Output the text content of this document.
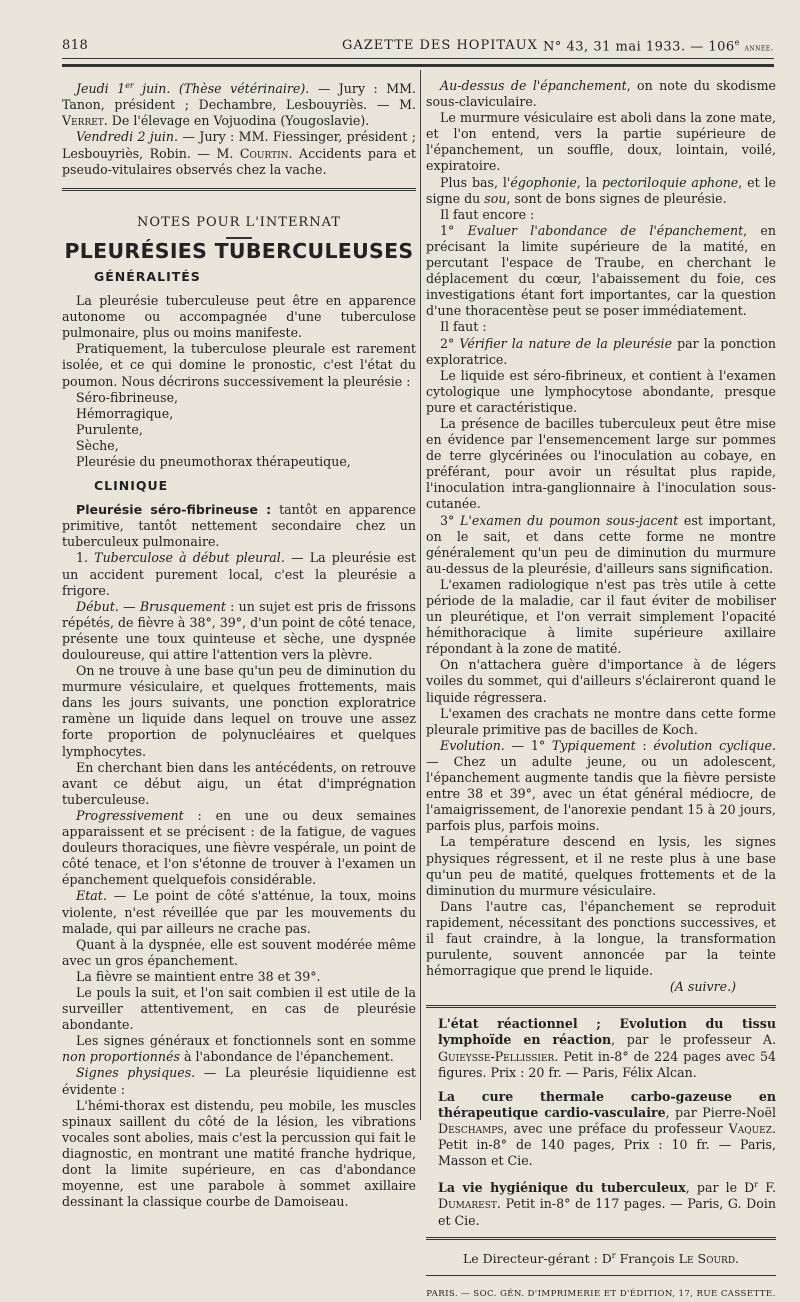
818	GAZETTE DES HOPITAUX N° 43, 31 mai 1933. — 106e année.

Jeudi 1er juin. (Thèse vétérinaire). — Jury : MM. Tanon, président ; Dechambre, Lesbouyriès. — M. Verret. De l'élevage en Vojuodina (Yougoslavie).

Vendredi 2 juin. — Jury : MM. Fiessinger, président ; Lesbouyriès, Robin. — M. Courtin. Accidents para et pseudo-vitulaires observés chez la vache.

NOTES POUR L'INTERNAT
PLEURÉSIES TUBERCULEUSES
GÉNÉRALITÉS

La pleurésie tuberculeuse peut être en apparence autonome ou accompagnée d'une tuberculose pulmonaire, plus ou moins manifeste.

Pratiquement, la tuberculose pleurale est rarement isolée, et ce qui domine le pronostic, c'est l'état du poumon. Nous décrirons successivement la pleurésie :

Séro-fibrineuse,

Hémorragique,

Purulente,

Sèche,

Pleurésie du pneumothorax thérapeutique,

CLINIQUE

Pleurésie séro-fibrineuse : tantôt en apparence primitive, tantôt nettement secondaire chez un tuberculeux pulmonaire.

1. Tuberculose à début pleural. — La pleurésie est un accident purement local, c'est la pleurésie a frigore.

Début. — Brusquement : un sujet est pris de frissons répétés, de fièvre à 38°, 39°, d'un point de côté tenace, présente une toux quinteuse et sèche, une dyspnée douloureuse, qui attire l'attention vers la plèvre.

On ne trouve à une base qu'un peu de diminution du murmure vésiculaire, et quelques frottements, mais dans les jours suivants, une ponction exploratrice ramène un liquide dans lequel on trouve une assez forte proportion de polynucléaires et quelques lymphocytes.

En cherchant bien dans les antécédents, on retrouve avant ce début aigu, un état d'imprégnation tuberculeuse.

Progressivement : en une ou deux semaines apparaissent et se précisent : de la fatigue, de vagues douleurs thoraciques, une fièvre vespérale, un point de côté tenace, et l'on s'étonne de trouver à l'examen un épanchement quelquefois considérable.

Etat. — Le point de côté s'atténue, la toux, moins violente, n'est réveillée que par les mouvements du malade, qui par ailleurs ne crache pas.

Quant à la dyspnée, elle est souvent modérée même avec un gros épanchement.

La fièvre se maintient entre 38 et 39°.

Le pouls la suit, et l'on sait combien il est utile de la surveiller attentivement, en cas de pleurésie abondante.

Les signes généraux et fonctionnels sont en somme non proportionnés à l'abondance de l'épanchement.

Signes physiques. — La pleurésie liquidienne est évidente :

L'hémi-thorax est distendu, peu mobile, les muscles spinaux saillent du côté de la lésion, les vibrations vocales sont abolies, mais c'est la percussion qui fait le diagnostic, en montrant une matité franche hydrique, dont la limite supérieure, en cas d'abondance moyenne, est une parabole à sommet axillaire dessinant la classique courbe de Damoiseau.

Au-dessus de l'épanchement, on note du skodisme sous-claviculaire.

Le murmure vésiculaire est aboli dans la zone mate, et l'on entend, vers la partie supérieure de l'épanchement, un souffle, doux, lointain, voilé, expiratoire.

Plus bas, l'égophonie, la pectoriloquie aphone, et le signe du sou, sont de bons signes de pleurésie.

Il faut encore :

1° Evaluer l'abondance de l'épanchement, en précisant la limite supérieure de la matité, en percutant l'espace de Traube, en cherchant le déplacement du cœur, l'abaissement du foie, ces investigations étant fort importantes, car la question d'une thoracentèse peut se poser immédiatement.

Il faut :

2° Vérifier la nature de la pleurésie par la ponction exploratrice.

Le liquide est séro-fibrineux, et contient à l'examen cytologique une lymphocytose abondante, presque pure et caractéristique.

La présence de bacilles tuberculeux peut être mise en évidence par l'ensemencement large sur pommes de terre glycérinées ou l'inoculation au cobaye, en préférant, pour avoir un résultat plus rapide, l'inoculation intra-ganglionnaire à l'inoculation sous-cutanée.

3° L'examen du poumon sous-jacent est important, on le sait, et dans cette forme ne montre généralement qu'un peu de diminution du murmure au-dessus de la pleurésie, d'ailleurs sans signification.

L'examen radiologique n'est pas très utile à cette période de la maladie, car il faut éviter de mobiliser un pleurétique, et l'on verrait simplement l'opacité hémithoracique à limite supérieure axillaire répondant à la zone de matité.

On n'attachera guère d'importance à de légers voiles du sommet, qui d'ailleurs s'éclaireront quand le liquide régressera.

L'examen des crachats ne montre dans cette forme pleurale primitive pas de bacilles de Koch.

Evolution. — 1° Typiquement : évolution cyclique. — Chez un adulte jeune, ou un adolescent, l'épanchement augmente tandis que la fièvre persiste entre 38 et 39°, avec un état général médiocre, de l'amaigrissement, de l'anorexie pendant 15 à 20 jours, parfois plus, parfois moins.

La température descend en lysis, les signes physiques régressent, et il ne reste plus à une base qu'un peu de matité, quelques frottements et de la diminution du murmure vésiculaire.

Dans l'autre cas, l'épanchement se reproduit rapidement, nécessitant des ponctions successives, et il faut craindre, à la longue, la transformation purulente, souvent annoncée par la teinte hémorragique que prend le liquide.

(A suivre.)

L'état réactionnel ; Evolution du tissu lymphoïde en réaction, par le professeur A. Guieysse-Pellissier. Petit in-8° de 224 pages avec 54 figures. Prix : 20 fr. — Paris, Félix Alcan.

La cure thermale carbo-gazeuse en thérapeutique cardio-vasculaire, par Pierre-Noël Deschamps, avec une préface du professeur Vaquez. Petit in-8° de 140 pages, Prix : 10 fr. — Paris, Masson et Cie.

La vie hygiénique du tuberculeux, par le $D^r$ F. Dumarest. Petit in-8° de 117 pages. — Paris, G. Doin et Cie.

Le Directeur-gérant : $D^r$ François Le Sourd.
PARIS. — SOC. GÉN. D'IMPRIMERIE ET D'ÉDITION, 17, RUE CASSETTE.
